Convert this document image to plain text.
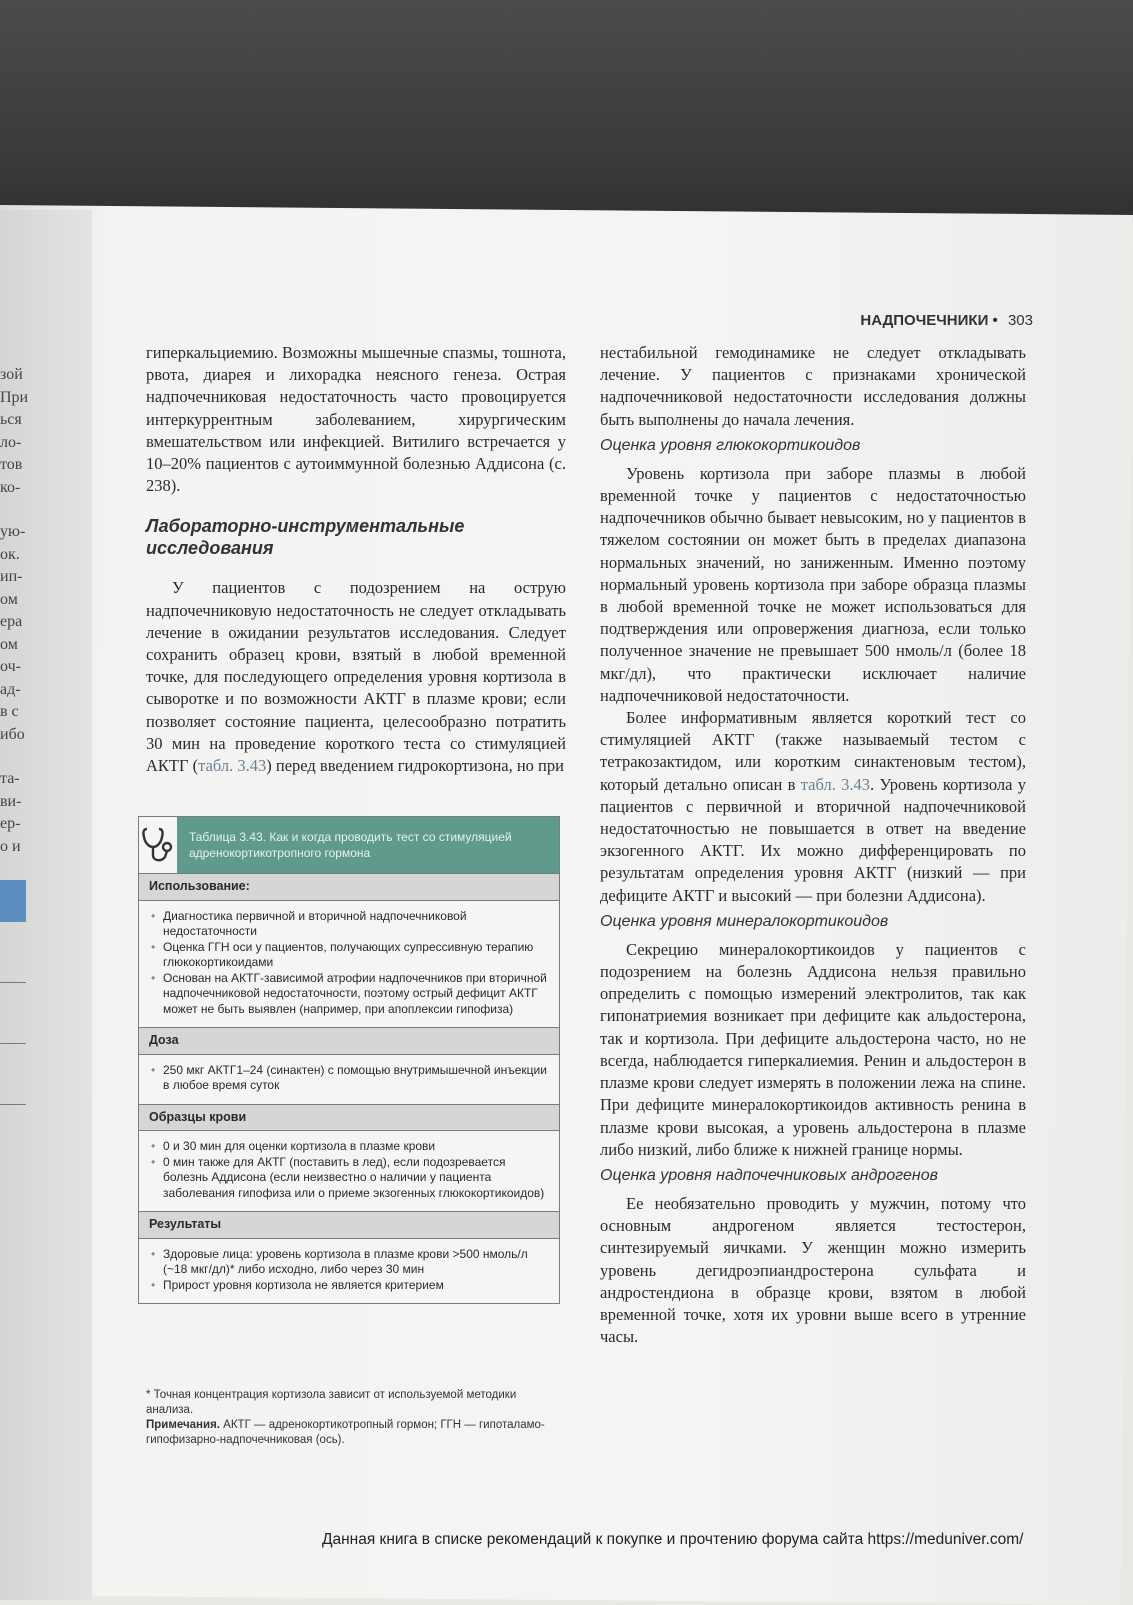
НАДПОЧЕЧНИКИ • 303
зой
При
ься
ло-
тов
ко-
ую-
ок.
ип-
ом
ера
ом
оч-
ад-
в с
ибо
та-
ви-
ер-
о и

гиперкальциемию. Возможны мышечные спазмы, тошнота, рвота, диарея и лихорадка неясного генеза. Острая надпочечниковая недостаточность часто провоцируется интеркуррентным заболеванием, хирургическим вмешательством или инфекцией. Витилиго встречается у 10–20% пациентов с аутоиммунной болезнью Аддисона (с. 238).

Лабораторно-инструментальные исследования

У пациентов с подозрением на острую надпочечниковую недостаточность не следует откладывать лечение в ожидании результатов исследования. Следует сохранить образец крови, взятый в любой временной точке, для последующего определения уровня кортизола в сыворотке и по возможности АКТГ в плазме крови; если позволяет состояние пациента, целесообразно потратить 30 мин на проведение короткого теста со стимуляцией АКТГ (табл. 3.43) перед введением гидрокортизона, но при

Таблица 3.43. Как и когда проводить тест со стимуляцией адренокортикотропного гормона
Использование:
• Диагностика первичной и вторичной надпочечниковой недостаточности
• Оценка ГГН оси у пациентов, получающих супрессивную терапию глюкокортикоидами
• Основан на АКТГ-зависимой атрофии надпочечников при вторичной надпочечниковой недостаточности, поэтому острый дефицит АКТГ может не быть выявлен (например, при апоплексии гипофиза)
Доза
• 250 мкг АКТГ1–24 (синактен) с помощью внутримышечной инъекции в любое время суток
Образцы крови
• 0 и 30 мин для оценки кортизола в плазме крови
• 0 мин также для АКТГ (поставить в лед), если подозревается болезнь Аддисона (если неизвестно о наличии у пациента заболевания гипофиза или о приеме экзогенных глюкокортикоидов)
Результаты
• Здоровые лица: уровень кортизола в плазме крови >500 нмоль/л (~18 мкг/дл)* либо исходно, либо через 30 мин
• Прирост уровня кортизола не является критерием
* Точная концентрация кортизола зависит от используемой методики анализа.
Примечания. АКТГ — адренокортикотропный гормон; ГГН — гипоталамо-гипофизарно-надпочечниковая (ось).

нестабильной гемодинамике не следует откладывать лечение. У пациентов с признаками хронической надпочечниковой недостаточности исследования должны быть выполнены до начала лечения.

Оценка уровня глюкокортикоидов

Уровень кортизола при заборе плазмы в любой временной точке у пациентов с недостаточностью надпочечников обычно бывает невысоким, но у пациентов в тяжелом состоянии он может быть в пределах диапазона нормальных значений, но заниженным. Именно поэтому нормальный уровень кортизола при заборе образца плазмы в любой временной точке не может использоваться для подтверждения или опровержения диагноза, если только полученное значение не превышает 500 нмоль/л (более 18 мкг/дл), что практически исключает наличие надпочечниковой недостаточности.

Более информативным является короткий тест со стимуляцией АКТГ (также называемый тестом с тетракозактидом, или коротким синактеновым тестом), который детально описан в табл. 3.43. Уровень кортизола у пациентов с первичной и вторичной надпочечниковой недостаточностью не повышается в ответ на введение экзогенного АКТГ. Их можно дифференцировать по результатам определения уровня АКТГ (низкий — при дефиците АКТГ и высокий — при болезни Аддисона).

Оценка уровня минералокортикоидов

Секрецию минералокортикоидов у пациентов с подозрением на болезнь Аддисона нельзя правильно определить с помощью измерений электролитов, так как гипонатриемия возникает при дефиците как альдостерона, так и кортизола. При дефиците альдостерона часто, но не всегда, наблюдается гиперкалиемия. Ренин и альдостерон в плазме крови следует измерять в положении лежа на спине. При дефиците минералокортикоидов активность ренина в плазме крови высокая, а уровень альдостерона в плазме либо низкий, либо ближе к нижней границе нормы.

Оценка уровня надпочечниковых андрогенов

Ее необязательно проводить у мужчин, потому что основным андрогеном является тестостерон, синтезируемый яичками. У женщин можно измерить уровень дегидроэпиандростерона сульфата и андростендиона в образце крови, взятом в любой временной точке, хотя их уровни выше всего в утренние часы.

Данная книга в списке рекомендаций к покупке и прочтению форума сайта https://meduniver.com/
